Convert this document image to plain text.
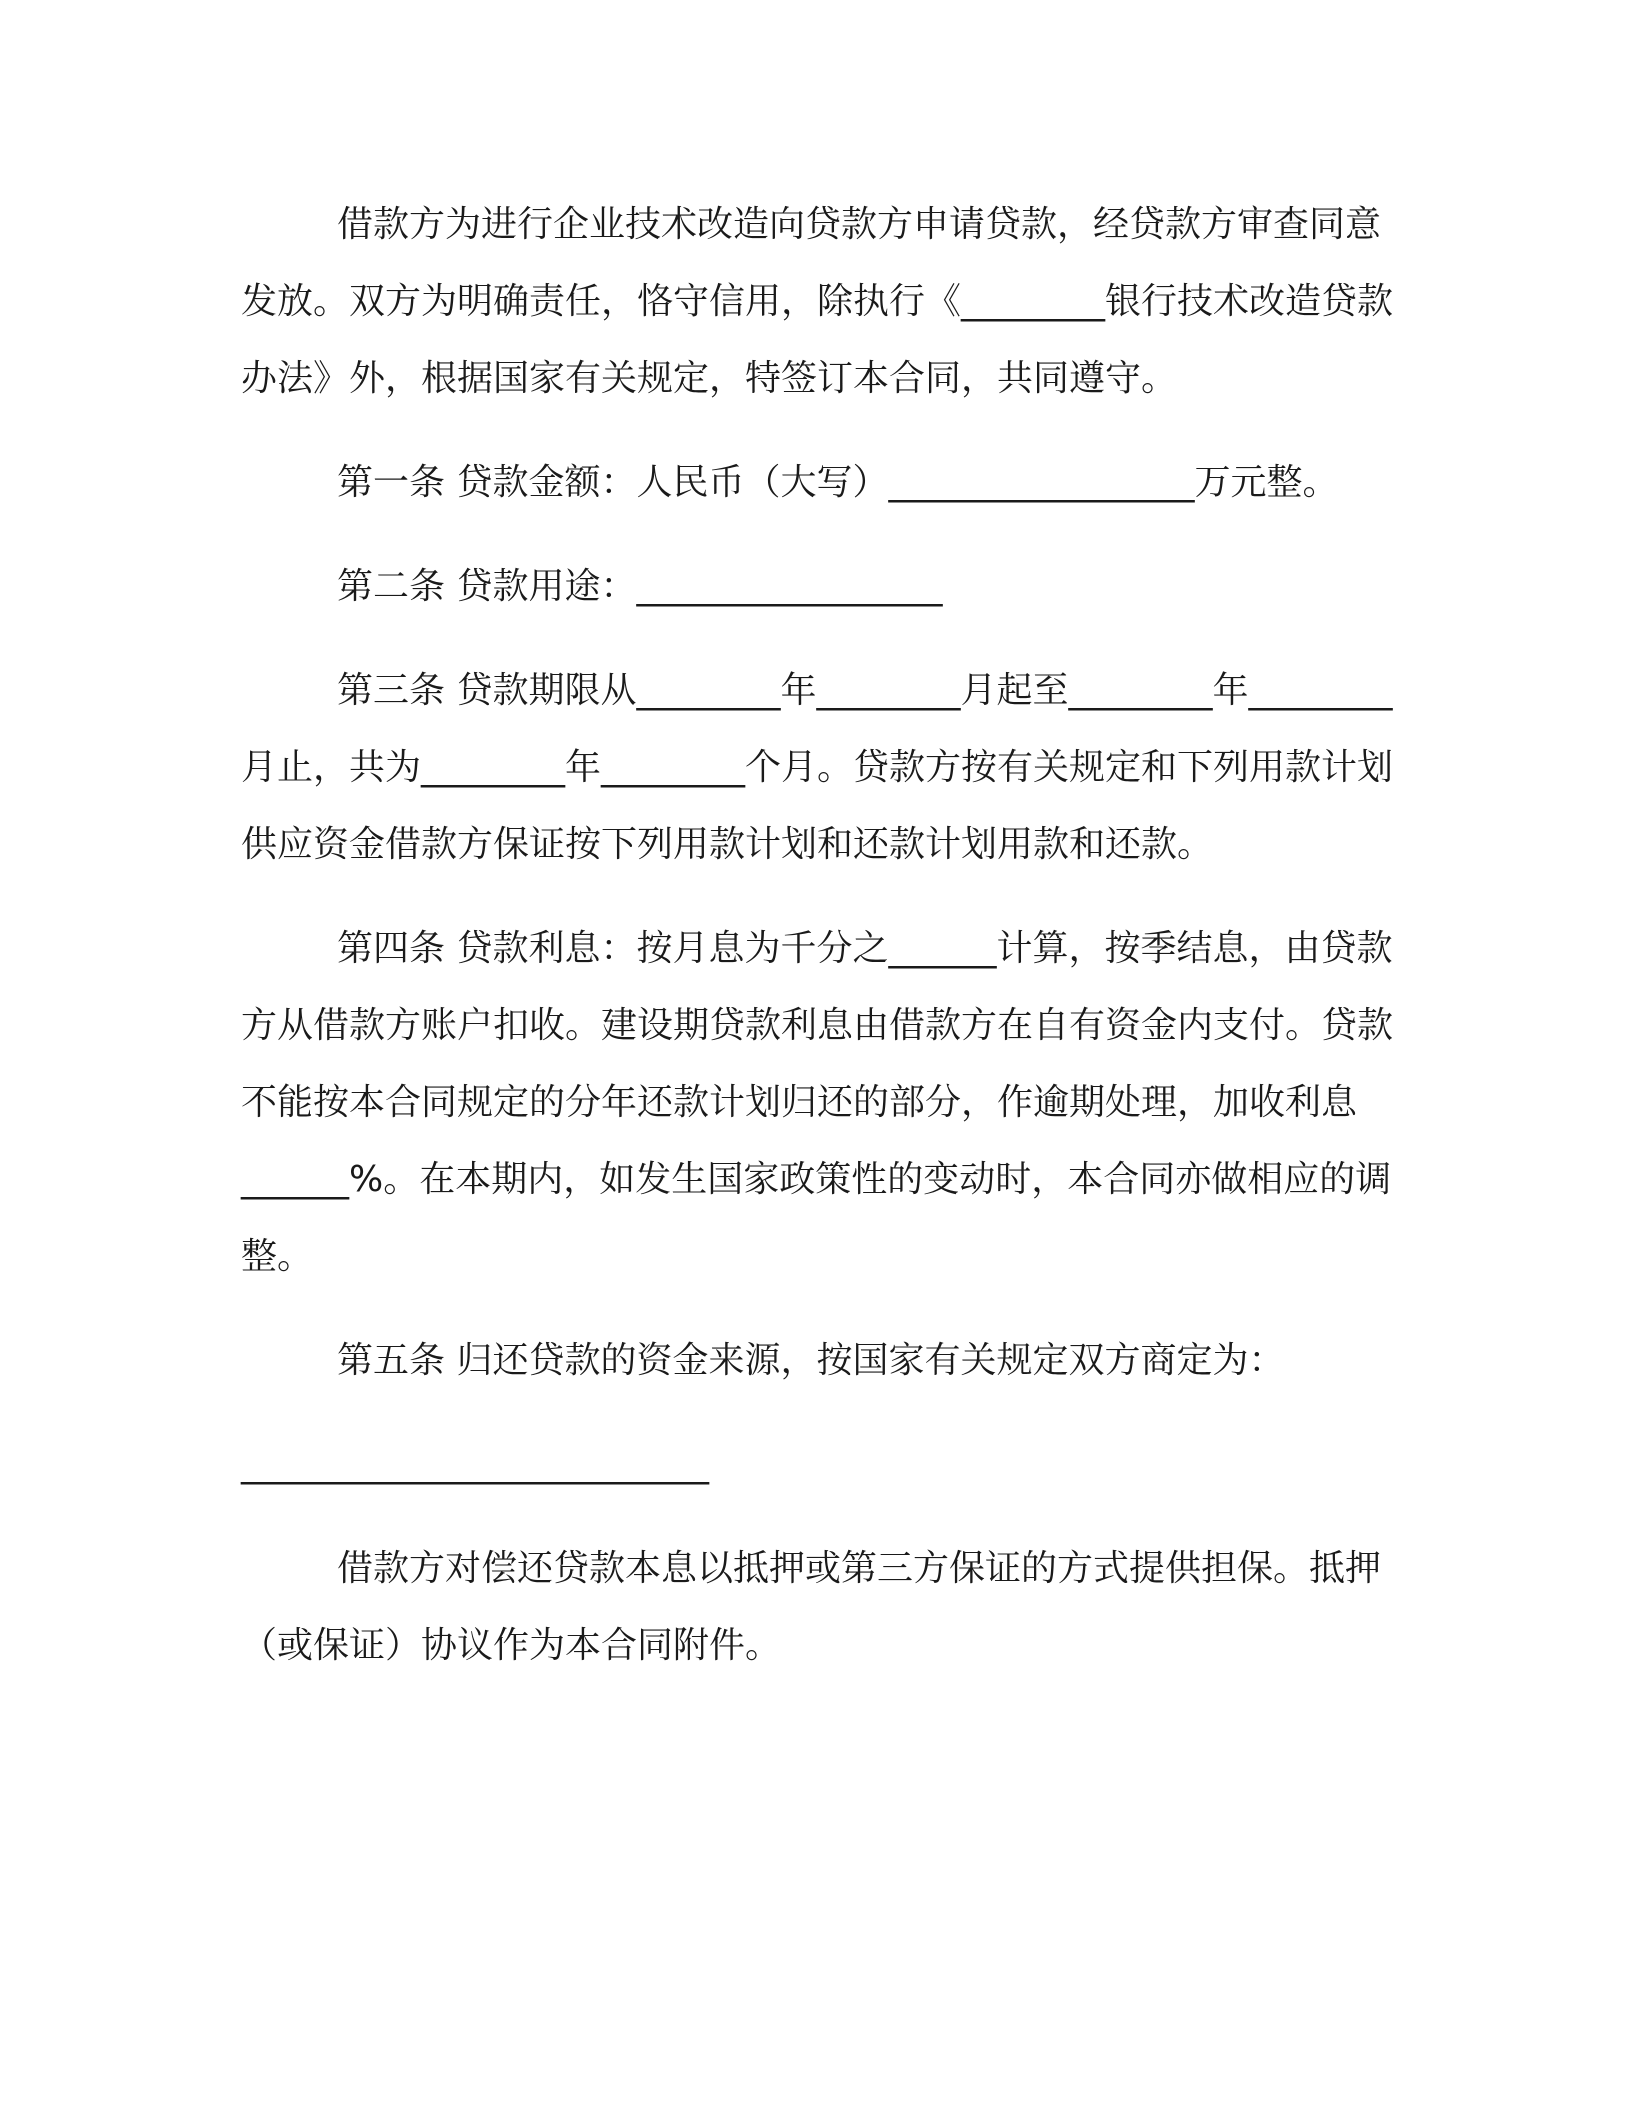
借款方为进行企业技术改造向贷款方申请贷款，经贷款方审查同意发放。双方为明确责任，恪守信用，除执行《________银行技术改造贷款办法》外，根据国家有关规定，特签订本合同，共同遵守。

第一条 贷款金额：人民币（大写）_________________万元整。

第二条 贷款用途：_________________

第三条 贷款期限从________年________月起至________年________月止，共为________年________个月。贷款方按有关规定和下列用款计划供应资金借款方保证按下列用款计划和还款计划用款和还款。

第四条 贷款利息：按月息为千分之______计算，按季结息，由贷款方从借款方账户扣收。建设期贷款利息由借款方在自有资金内支付。贷款不能按本合同规定的分年还款计划归还的部分，作逾期处理，加收利息______%。在本期内，如发生国家政策性的变动时，本合同亦做相应的调整。

第五条 归还贷款的资金来源，按国家有关规定双方商定为：

__________________________

借款方对偿还贷款本息以抵押或第三方保证的方式提供担保。抵押（或保证）协议作为本合同附件。
